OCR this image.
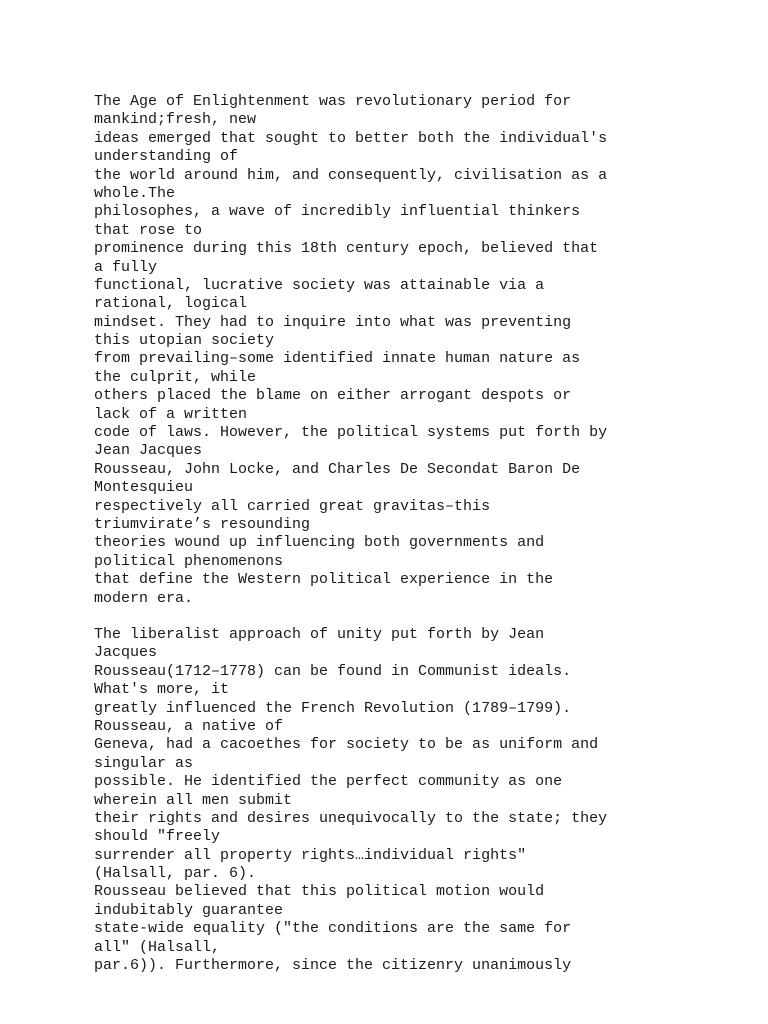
The Age of Enlightenment was revolutionary period for
mankind;fresh, new
ideas emerged that sought to better both the individual's
understanding of
the world around him, and consequently, civilisation as a
whole.The
philosophes, a wave of incredibly influential thinkers
that rose to
prominence during this 18th century epoch, believed that
a fully
functional, lucrative society was attainable via a
rational, logical
mindset. They had to inquire into what was preventing
this utopian society
from prevailing–some identified innate human nature as
the culprit, while
others placed the blame on either arrogant despots or
lack of a written
code of laws. However, the political systems put forth by
Jean Jacques
Rousseau, John Locke, and Charles De Secondat Baron De
Montesquieu
respectively all carried great gravitas–this
triumvirate’s resounding
theories wound up influencing both governments and
political phenomenons
that define the Western political experience in the
modern era.
The liberalist approach of unity put forth by Jean
Jacques
Rousseau(1712–1778) can be found in Communist ideals.
What's more, it
greatly influenced the French Revolution (1789–1799).
Rousseau, a native of
Geneva, had a cacoethes for society to be as uniform and
singular as
possible. He identified the perfect community as one
wherein all men submit
their rights and desires unequivocally to the state; they
should "freely
surrender all property rights…individual rights"
(Halsall, par. 6).
Rousseau believed that this political motion would
indubitably guarantee
state-wide equality ("the conditions are the same for
all" (Halsall,
par.6)). Furthermore, since the citizenry unanimously
